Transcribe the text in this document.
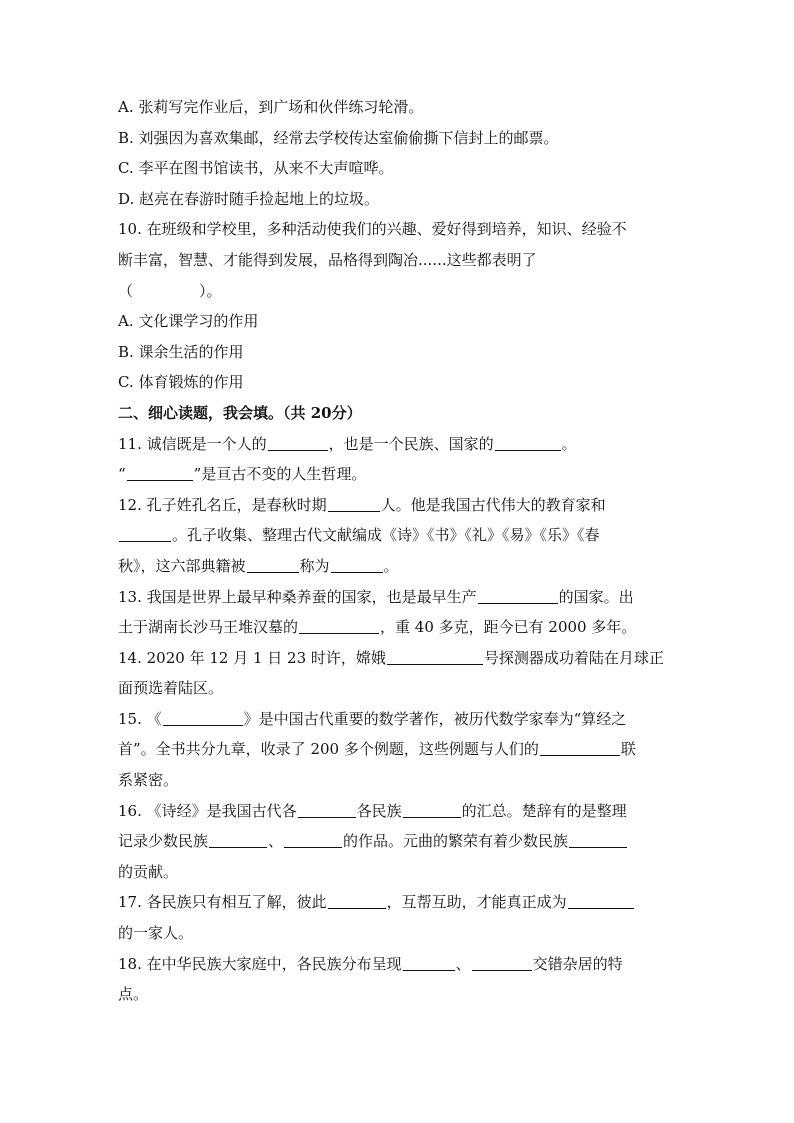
A. 张莉写完作业后，到广场和伙伴练习轮滑。
B. 刘强因为喜欢集邮，经常去学校传达室偷偷撕下信封上的邮票。
C. 李平在图书馆读书，从来不大声喧哗。
D. 赵亮在春游时随手捡起地上的垃圾。
10. 在班级和学校里，多种活动使我们的兴趣、爱好得到培养，知识、经验不
断丰富，智慧、才能得到发展，品格得到陶冶......这些都表明了
（	）。
A. 文化课学习的作用
B. 课余生活的作用
C. 体育锻炼的作用
二、细心读题，我会填。（共 20分）
11. 诚信既是一个人的	，也是一个民族、国家的	。
“	”是亘古不变的人生哲理。
12. 孔子姓孔名丘，是春秋时期	人。他是我国古代伟大的教育家和
。孔子收集、整理古代文献编成《诗》《书》《礼》《易》《乐》《春
秋》，这六部典籍被	称为	。
13. 我国是世界上最早种桑养蚕的国家，也是最早生产	的国家。出
土于湖南长沙马王堆汉墓的	，重 40 多克，距今已有 2000 多年。
14. 2020 年 12 月 1 日 23 时许，嫦娥	号探测器成功着陆在月球正
面预选着陆区。
15. 《	》是中国古代重要的数学著作，被历代数学家奉为“算经之
首”。全书共分九章，收录了 200 多个例题，这些例题与人们的	联
系紧密。
16. 《诗经》是我国古代各	各民族	的汇总。楚辞有的是整理
记录少数民族	、	的作品。元曲的繁荣有着少数民族
的贡献。
17. 各民族只有相互了解，彼此	，互帮互助，才能真正成为
的一家人。
18. 在中华民族大家庭中，各民族分布呈现	、	交错杂居的特
点。
